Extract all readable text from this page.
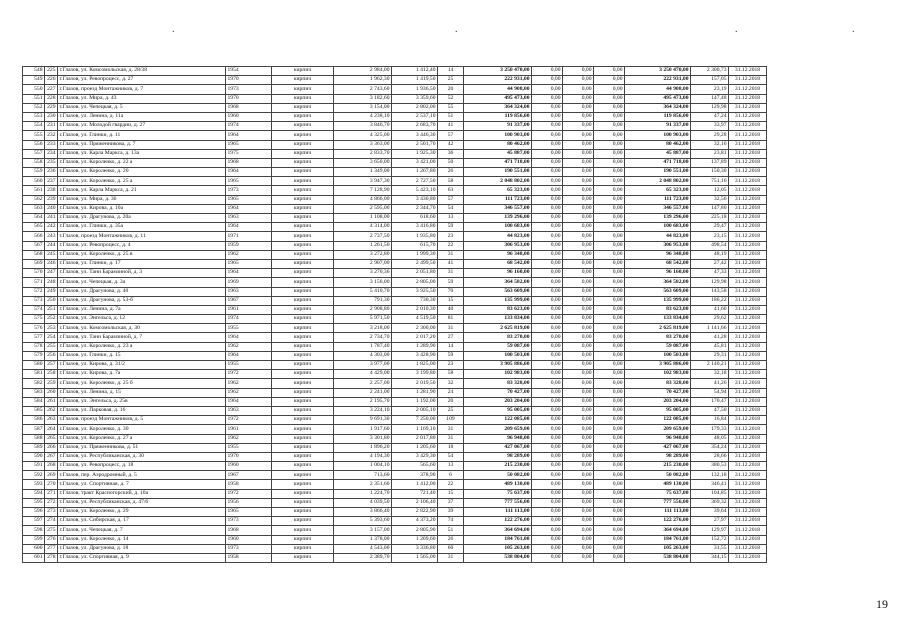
.	.	.	.
548	225	г.Глазов, ул. Комсомольская, д. 28/38	1954	кирпич	2 984,00	1 412,40	14	3 250 470,00	0,00	0,00	0,00	3 250 470,00	2 300,73	31.12.2018
549	226	г.Глазов, ул. Ревопроцесс, д. 27	1970	кирпич	1 962,30	1 419,50	25	222 931,00	0,00	0,00	0,00	222 931,00	157,05	31.12.2018
550	227	г.Глазов, проезд Монтажников, д. 7	1973	кирпич	2 743,60	1 936,50	20	44 908,00	0,00	0,00	0,00	44 908,00	23,19	31.12.2018
551	228	г.Глазов, ул. Мира, д. 43	1970	кирпич	3 182,60	3 359,60	52	495 473,00	0,00	0,00	0,00	495 473,00	147,48	31.12.2018
552	229	г.Глазов, ул. Чепецкая, д. 5	1968	кирпич	3 154,00	2 802,00	55	364 324,00	0,00	0,00	0,00	364 324,00	129,98	31.12.2018
553	230	г.Глазов, ул. Ленина, д. 11а	1960	кирпич	4 238,10	2 537,10	51	119 856,00	0,00	0,00	0,00	119 856,00	47,24	31.12.2018
554	231	г.Глазов, ул. Молодой гвардии, д. 27	1974	кирпич	3 846,70	2 683,70	41	91 337,00	0,00	0,00	0,00	91 337,00	33,97	31.12.2018
555	232	г.Глазов, ул. Глинки, д. 11	1964	кирпич	4 325,00	3 446,30	57	100 903,00	0,00	0,00	0,00	100 903,00	29,28	31.12.2018
556	233	г.Глазов, ул. Пряженникова, д. 7	1965	кирпич	3 363,00	2 501,70	42	80 462,00	0,00	0,00	0,00	80 462,00	32,16	31.12.2018
557	234	г.Глазов, ул. Карла Маркса, д. 13а	1975	кирпич	2 833,70	1 925,30	36	45 887,00	0,00	0,00	0,00	45 887,00	23,81	31.12.2018
558	235	г.Глазов, ул. Короленко, д. 22 а	1968	кирпич	3 650,00	3 421,00	50	471 718,00	0,00	0,00	0,00	471 718,00	137,89	31.12.2018
559	236	г.Глазов, ул. Короленко, д. 20	1964	кирпич	1 349,00	1 267,80	26	190 551,00	0,00	0,00	0,00	190 551,00	150,30	31.12.2018
560	237	г.Глазов, ул. Короленко, д. 25 а	1965	кирпич	3 947,30	2 727,50	58	2 048 802,00	0,00	0,00	0,00	2 048 802,00	751,16	31.12.2018
561	238	г.Глазов, ул. Карла Маркса, д. 21	1973	кирпич	7 128,90	5 423,10	63	65 323,00	0,00	0,00	0,00	65 323,00	12,05	31.12.2018
562	239	г.Глазов, ул. Мира, д. 36	1965	кирпич	4 866,00	3 430,80	57	111 723,00	0,00	0,00	0,00	111 723,00	32,56	31.12.2018
563	240	г.Глазов, ул. Кирова, д. 10а	1964	кирпич	2 595,00	2 344,70	54	346 557,00	0,00	0,00	0,00	346 557,00	147,80	31.12.2018
564	241	г.Глазов, ул. Драгунова, д. 20а	1963	кирпич	1 108,00	618,60	13	139 296,00	0,00	0,00	0,00	139 296,00	225,18	31.12.2018
565	242	г.Глазов, ул. Глинки, д. 35а	1964	кирпич	4 314,00	3 416,80	59	100 683,00	0,00	0,00	0,00	100 683,00	29,47	31.12.2018
566	243	г.Глазов, проезд Монтажников, д. 11	1971	кирпич	2 737,50	1 935,80	23	44 823,00	0,00	0,00	0,00	44 823,00	23,15	31.12.2018
567	244	г.Глазов, ул. Ревопроцесс, д. 4	1959	кирпич	1 261,50	615,70	22	306 953,00	0,00	0,00	0,00	306 953,00	498,54	31.12.2018
568	245	г.Глазов, ул. Короленко, д. 25 в	1962	кирпич	3 272,80	1 999,30	31	96 348,00	0,00	0,00	0,00	96 348,00	48,19	31.12.2018
569	246	г.Глазов, ул. Глинки, д. 17	1965	кирпич	2 907,00	2 499,50	41	68 542,00	0,00	0,00	0,00	68 542,00	27,42	31.12.2018
570	247	г.Глазов, ул. Тани Барамзиной, д. 3	1964	кирпич	3 270,36	2 051,80	31	96 160,00	0,00	0,00	0,00	96 160,00	47,33	31.12.2018
571	248	г.Глазов, ул. Чепецкая, д. 3а	1969	кирпич	3 156,00	2 805,00	59	364 582,00	0,00	0,00	0,00	364 582,00	129,98	31.12.2018
572	249	г.Глазов, ул. Драгунова, д. 40	1963	кирпич	5 410,70	3 925,50	70	563 609,00	0,00	0,00	0,00	563 609,00	143,58	31.12.2018
573	250	г.Глазов, ул. Драгунова, д. 53-б	1967	кирпич	791,30	730,30	15	135 999,00	0,00	0,00	0,00	135 999,00	186,22	31.12.2018
574	251	г.Глазов, ул. Ленина, д. 7а	1961	кирпич	2 908,80	2 010,30	40	83 623,00	0,00	0,00	0,00	83 623,00	41,60	31.12.2018
575	252	г.Глазов, ул. Энгельса, д. 12	1974	кирпич	5 971,50	4 519,50	81	133 834,00	0,00	0,00	0,00	133 834,00	29,62	31.12.2018
576	253	г.Глазов, ул. Комсомольская, д. 30	1955	кирпич	3 218,00	2 300,00	31	2 625 819,00	0,00	0,00	0,00	2 625 819,00	1 141,66	31.12.2018
577	254	г.Глазов, ул. Тани Барамзиной, д. 7	1964	кирпич	2 734,70	2 017,20	27	83 270,00	0,00	0,00	0,00	83 270,00	41,28	31.12.2018
578	255	г.Глазов, ул. Короленко, д. 23 а	1962	кирпич	1 787,40	1 289,90	14	59 087,00	0,00	0,00	0,00	59 087,00	45,81	31.12.2018
579	256	г.Глазов, ул. Глинки, д. 15	1964	кирпич	4 303,00	3 428,90	59	100 503,00	0,00	0,00	0,00	100 503,00	29,31	31.12.2018
580	257	г.Глазов, ул. Кирова, д. 31/2	1955	кирпич	3 977,00	1 825,00	23	3 905 886,00	0,00	0,00	0,00	3 905 886,00	2 140,21	31.12.2018
581	258	г.Глазов, ул. Кирова, д. 7а	1972	кирпич	4 429,00	3 199,80	58	102 983,00	0,00	0,00	0,00	102 983,00	32,18	31.12.2018
582	259	г.Глазов, ул. Короленко, д. 25 б	1962	кирпич	2 257,00	2 019,50	32	83 328,00	0,00	0,00	0,00	83 328,00	41,26	31.12.2018
583	260	г.Глазов, ул. Ленина, д. 15	1962	кирпич	2 241,00	1 281,90	24	70 427,00	0,00	0,00	0,00	70 427,00	54,94	31.12.2018
584	261	г.Глазов, ул. Энгельса, д. 25в	1964	кирпич	2 195,70	1 192,00	20	203 204,00	0,00	0,00	0,00	203 204,00	170,47	31.12.2018
585	262	г.Глазов, ул. Парковая, д. 16	1963	кирпич	3 224,10	2 005,10	25	95 005,00	0,00	0,00	0,00	95 005,00	47,50	31.12.2018
586	263	г.Глазов, проезд Монтажников, д. 5	1972	кирпич	9 691,30	7 250,00	109	122 085,00	0,00	0,00	0,00	122 085,00	16,84	31.12.2018
587	264	г.Глазов, ул. Короленко, д. 30	1961	кирпич	1 917,60	1 169,10	31	209 659,00	0,00	0,00	0,00	209 659,00	179,33	31.12.2018
588	265	г.Глазов, ул. Короленко, д. 27 а	1962	кирпич	3 301,80	2 017,80	31	96 948,00	0,00	0,00	0,00	96 948,00	48,05	31.12.2018
589	266	г.Глазов, ул. Пряженникова, д. 51	1955	кирпич	1 896,20	1 205,60	18	427 067,00	0,00	0,00	0,00	427 067,00	354,24	31.12.2018
590	267	г.Глазов, ул. Республиканская, д. 30	1970	кирпич	4 194,30	3 429,30	54	98 289,00	0,00	0,00	0,00	98 289,00	28,66	31.12.2018
591	268	г.Глазов, ул. Ревопроцесс, д. 18	1960	кирпич	1 004,10	565,60	13	215 230,00	0,00	0,00	0,00	215 230,00	380,53	31.12.2018
592	269	г.Глазов, пер. Аэродромный, д. 5	1967	кирпич	713,60	378,90	6	50 082,00	0,00	0,00	0,00	50 082,00	132,18	31.12.2018
593	270	г.Глазов, ул. Спортивная, д. 7	1958	кирпич	2 351,60	1 412,00	22	489 130,00	0,00	0,00	0,00	489 130,00	346,41	31.12.2018
594	271	г.Глазов, тракт Красногорский, д. 10а	1972	кирпич	1 224,70	721,40	15	75 637,00	0,00	0,00	0,00	75 637,00	104,85	31.12.2018
595	272	г.Глазов, ул. Республиканская, д. 47/6	1956	кирпич	4 039,50	2 106,40	37	777 556,00	0,00	0,00	0,00	777 556,00	369,32	31.12.2018
596	273	г.Глазов, ул. Короленко, д. 29	1965	кирпич	3 866,40	2 822,90	39	111 113,00	0,00	0,00	0,00	111 113,00	39,64	31.12.2018
597	274	г.Глазов, ул. Сибирская, д. 17	1973	кирпич	5 393,60	4 373,20	74	122 276,00	0,00	0,00	0,00	122 276,00	27,97	31.12.2018
598	275	г.Глазов, ул. Чепецкая, д. 7	1968	кирпич	3 157,00	2 805,90	51	364 694,00	0,00	0,00	0,00	364 694,00	129,97	31.12.2018
599	276	г.Глазов, ул. Короленко, д. 14	1960	кирпич	1 378,00	1 209,60	26	184 761,00	0,00	0,00	0,00	184 761,00	152,72	31.12.2018
600	277	г.Глазов, ул. Драгунова, д. 18	1973	кирпич	4 543,00	3 336,80	60	105 263,00	0,00	0,00	0,00	105 263,00	31,55	31.12.2018
601	278	г.Глазов, ул. Спортивная, д. 9	1958	кирпич	2 389,70	1 565,00	31	538 804,00	0,00	0,00	0,00	538 804,00	344,15	31.12.2018
19
